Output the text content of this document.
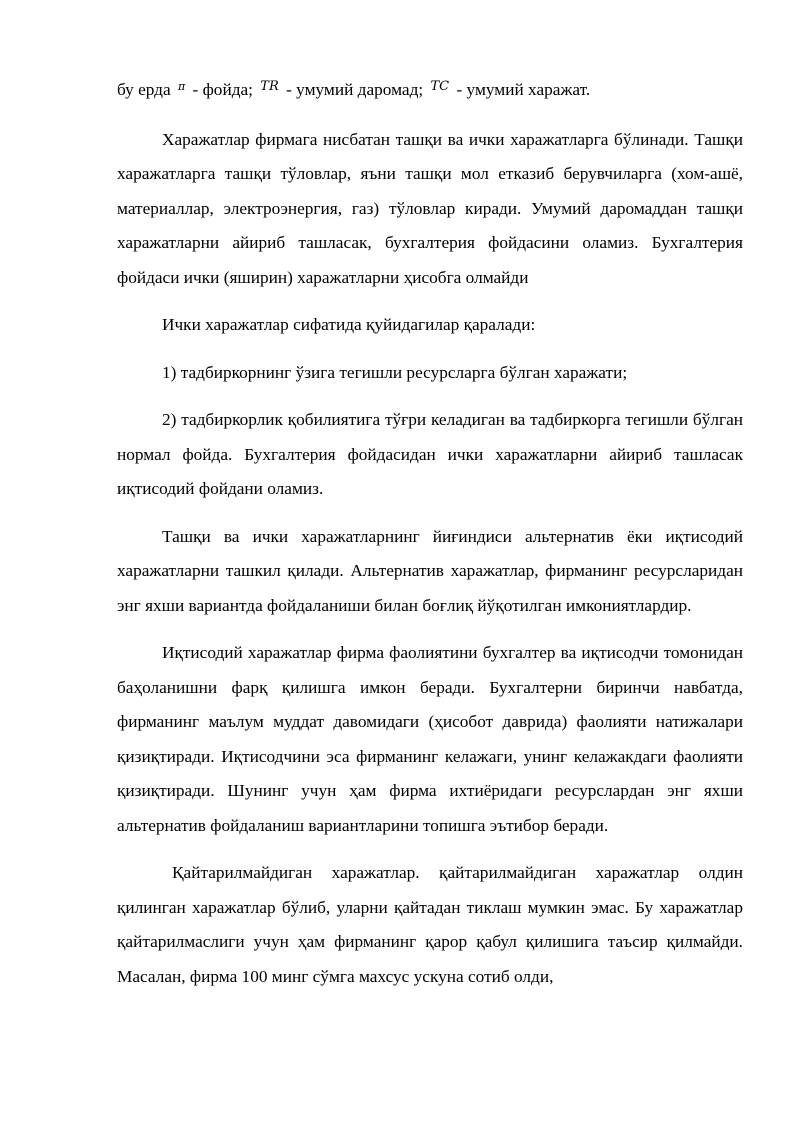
бу ерда $^\pi$ - фойда; $^{TR}$ - умумий даромад; $^{TC}$ - умумий харажат.

Харажатлар фирмага нисбатан ташқи ва ички харажатларга бўлинади. Ташқи харажатларга ташқи тўловлар, яъни ташқи мол етказиб берувчиларга (хом-ашё, материаллар, электроэнергия, газ) тўловлар киради. Умумий даромаддан ташқи харажатларни айириб ташласак, бухгалтерия фойдасини оламиз. Бухгалтерия фойдаси ички (яширин) харажатларни ҳисобга олмайди

Ички харажатлар сифатида қуйидагилар қаралади:

1) тадбиркорнинг ўзига тегишли ресурсларга бўлган харажати;

2) тадбиркорлик қобилиятига тўғри келадиган ва тадбиркорга тегишли бўлган нормал фойда. Бухгалтерия фойдасидан ички харажатларни айириб ташласак иқтисодий фойдани оламиз.

Ташқи ва ички харажатларнинг йиғиндиси альтернатив ёки иқтисодий харажатларни ташкил қилади. Альтернатив харажатлар, фирманинг ресурсларидан энг яхши вариантда фойдаланиши билан боғлиқ йўқотилган имкониятлардир.

Иқтисодий харажатлар фирма фаолиятини бухгалтер ва иқтисодчи томонидан баҳоланишни фарқ қилишга имкон беради. Бухгалтерни биринчи навбатда, фирманинг маълум муддат давомидаги (ҳисобот даврида) фаолияти натижалари қизиқтиради. Иқтисодчини эса фирманинг келажаги, унинг келажакдаги фаолияти қизиқтиради. Шунинг учун ҳам фирма ихтиёридаги ресурслардан энг яхши альтернатив фойдаланиш вариантларини топишга эътибор беради.

Қайтарилмайдиган харажатлар. қайтарилмайдиган харажатлар олдин қилинган харажатлар бўлиб, уларни қайтадан тиклаш мумкин эмас. Бу харажатлар қайтарилмаслиги учун ҳам фирманинг қарор қабул қилишига таъсир қилмайди. Масалан, фирма 100 минг сўмга махсус ускуна сотиб олди,
